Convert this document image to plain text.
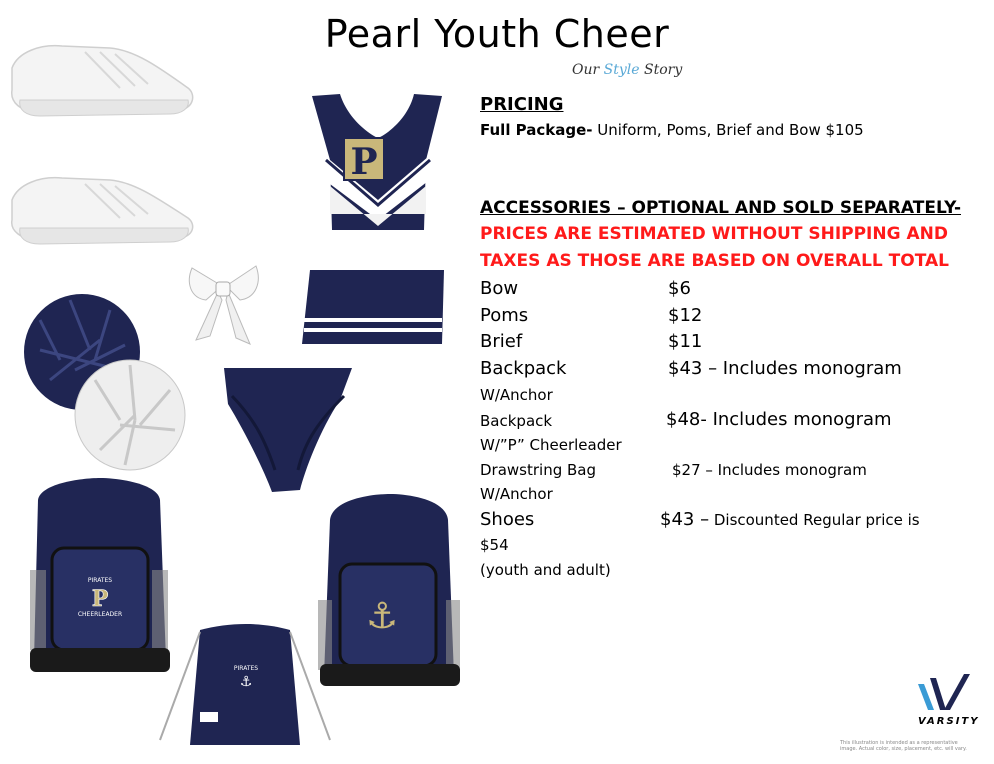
Pearl Youth Cheer
Our Style Story
P
PIRATES
P
CHEERLEADER
PIRATES
⚓
⚓
PRICING
Full Package- Uniform, Poms, Brief and Bow $105
ACCESSORIES – OPTIONAL AND SOLD SEPARATELY-
PRICES ARE ESTIMATED WITHOUT SHIPPING AND
TAXES AS THOSE ARE BASED ON OVERALL TOTAL
Bow	$6
Poms	$12
Brief	$11
Backpack	$43 – Includes monogram
W/Anchor
Backpack	$48- Includes monogram
W/”P” Cheerleader
Drawstring Bag	$27 – Includes monogram
W/Anchor
Shoes	$43 – Discounted Regular price is
$54
(youth and adult)
VARSITY
This illustration is intended as a representative image. Actual color, size, placement, etc. will vary.
